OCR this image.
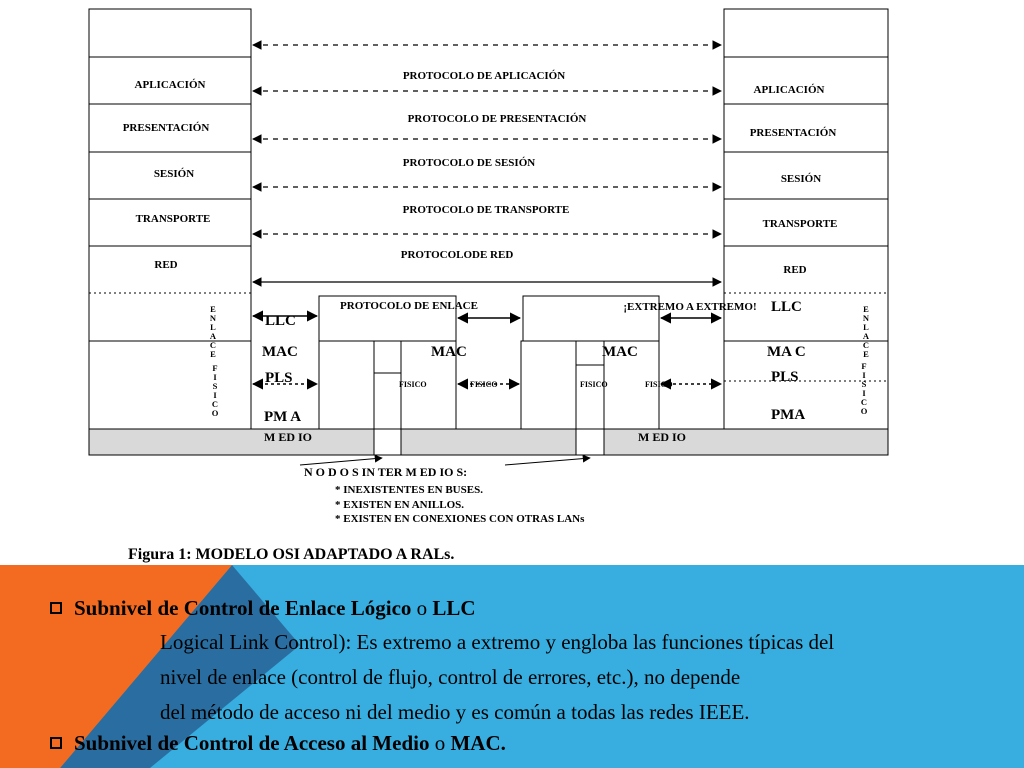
APLICACIÓN
PRESENTACIÓN
SESIÓN
TRANSPORTE
RED
APLICACIÓN
PRESENTACIÓN
SESIÓN
TRANSPORTE
RED
PROTOCOLO DE APLICACIÓN
PROTOCOLO DE PRESENTACIÓN
PROTOCOLO DE SESIÓN
PROTOCOLO DE TRANSPORTE
PROTOCOLODE RED
PROTOCOLO DE ENLACE	¡EXTREMO A EXTREMO!
LLC
MAC
PLS
PM A
M ED IO
LLC
MA C
PLS
PMA
M ED IO
MAC	MAC
FISICO	FISICO	FISICO	FISICO
E N L A C E
F I S I C O
E N L A C E
F I S I C O
N O D O S IN TER M ED IO S:
* INEXISTENTES EN BUSES.
* EXISTEN EN ANILLOS.
* EXISTEN EN CONEXIONES CON OTRAS LANs
Figura 1: MODELO OSI ADAPTADO A RALs.
Subnivel de Control de Enlace Lógico o LLC
Logical Link Control): Es extremo a extremo y engloba las funciones típicas del
nivel de enlace (control de flujo, control de errores, etc.), no depende
del método de acceso ni del medio y es común a todas las redes IEEE.
Subnivel de Control de Acceso al Medio o MAC.
